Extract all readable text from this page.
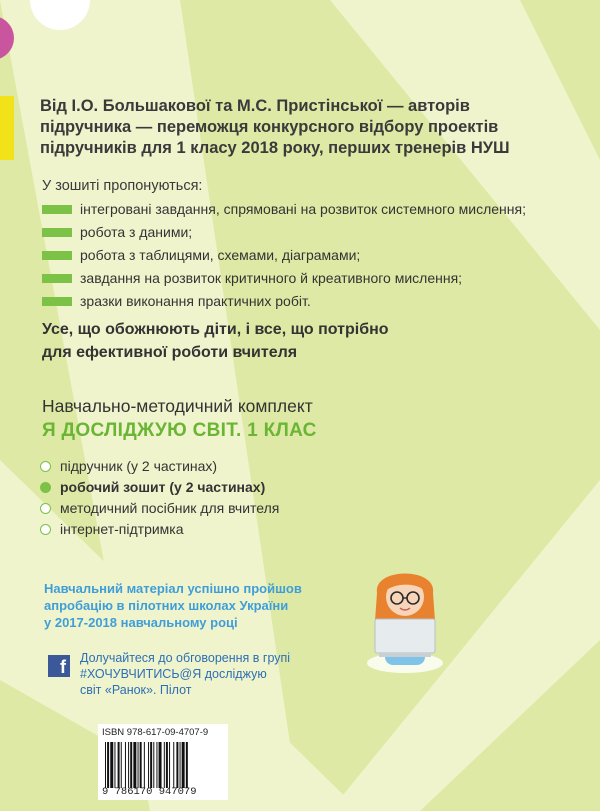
Від І.О. Большакової та М.С. Пристінської — авторів
підручника — переможця конкурсного відбору проектів
підручників для 1 класу 2018 року, перших тренерів НУШ
У зошиті пропонуються:
інтегровані завдання, спрямовані на розвиток системного мислення;
робота з даними;
робота з таблицями, схемами, діаграмами;
завдання на розвиток критичного й креативного мислення;
зразки виконання практичних робіт.
Усе, що обожнюють діти, і все, що потрібно
для ефективної роботи вчителя
Навчально-методичний комплект
Я ДОСЛІДЖУЮ СВІТ. 1 КЛАС
підручник (у 2 частинах)
робочий зошит (у 2 частинах)
методичний посібник для вчителя
інтернет-підтримка
Навчальний матеріал успішно пройшов
апробацію в пілотних школах України
у 2017-2018 навчальному році
f	Долучайтеся до обговорення в групі
#ХОЧУВЧИТИСЬ@Я досліджую
світ «Ранок». Пілот
ISBN 978-617-09-4707-9
9 786170 947079
